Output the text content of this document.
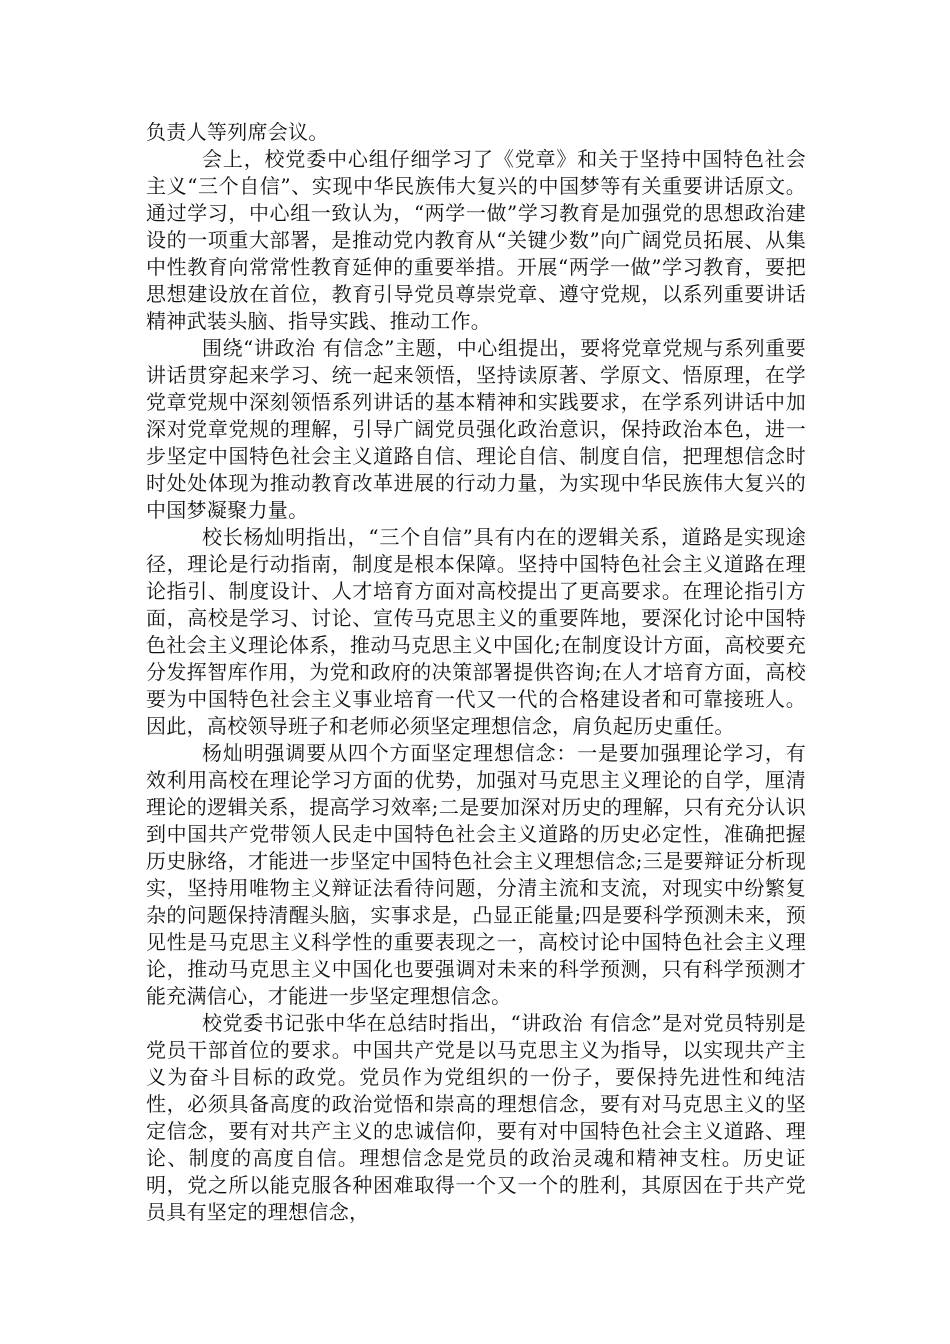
负责人等列席会议。

会上，校党委中心组仔细学习了《党章》和关于坚持中国特色社会主义“三个自信”、实现中华民族伟大复兴的中国梦等有关重要讲话原文。通过学习，中心组一致认为，“两学一做”学习教育是加强党的思想政治建设的一项重大部署，是推动党内教育从“关键少数”向广阔党员拓展、从集中性教育向常常性教育延伸的重要举措。开展“两学一做”学习教育，要把思想建设放在首位，教育引导党员尊崇党章、遵守党规，以系列重要讲话精神武装头脑、指导实践、推动工作。

围绕“讲政治 有信念”主题，中心组提出，要将党章党规与系列重要讲话贯穿起来学习、统一起来领悟，坚持读原著、学原文、悟原理，在学党章党规中深刻领悟系列讲话的基本精神和实践要求，在学系列讲话中加深对党章党规的理解，引导广阔党员强化政治意识，保持政治本色，进一步坚定中国特色社会主义道路自信、理论自信、制度自信，把理想信念时时处处体现为推动教育改革进展的行动力量，为实现中华民族伟大复兴的中国梦凝聚力量。

校长杨灿明指出，“三个自信”具有内在的逻辑关系，道路是实现途径，理论是行动指南，制度是根本保障。坚持中国特色社会主义道路在理论指引、制度设计、人才培育方面对高校提出了更高要求。在理论指引方面，高校是学习、讨论、宣传马克思主义的重要阵地，要深化讨论中国特色社会主义理论体系，推动马克思主义中国化;在制度设计方面，高校要充分发挥智库作用，为党和政府的决策部署提供咨询;在人才培育方面，高校要为中国特色社会主义事业培育一代又一代的合格建设者和可靠接班人。因此，高校领导班子和老师必须坚定理想信念，肩负起历史重任。

杨灿明强调要从四个方面坚定理想信念：一是要加强理论学习，有效利用高校在理论学习方面的优势，加强对马克思主义理论的自学，厘清理论的逻辑关系，提高学习效率;二是要加深对历史的理解，只有充分认识到中国共产党带领人民走中国特色社会主义道路的历史必定性，准确把握历史脉络，才能进一步坚定中国特色社会主义理想信念;三是要辩证分析现实，坚持用唯物主义辩证法看待问题，分清主流和支流，对现实中纷繁复杂的问题保持清醒头脑，实事求是，凸显正能量;四是要科学预测未来，预见性是马克思主义科学性的重要表现之一，高校讨论中国特色社会主义理论，推动马克思主义中国化也要强调对未来的科学预测，只有科学预测才能充满信心，才能进一步坚定理想信念。

校党委书记张中华在总结时指出，“讲政治 有信念”是对党员特别是党员干部首位的要求。中国共产党是以马克思主义为指导，以实现共产主义为奋斗目标的政党。党员作为党组织的一份子，要保持先进性和纯洁性，必须具备高度的政治觉悟和崇高的理想信念，要有对马克思主义的坚定信念，要有对共产主义的忠诚信仰，要有对中国特色社会主义道路、理论、制度的高度自信。理想信念是党员的政治灵魂和精神支柱。历史证明，党之所以能克服各种困难取得一个又一个的胜利，其原因在于共产党员具有坚定的理想信念，
